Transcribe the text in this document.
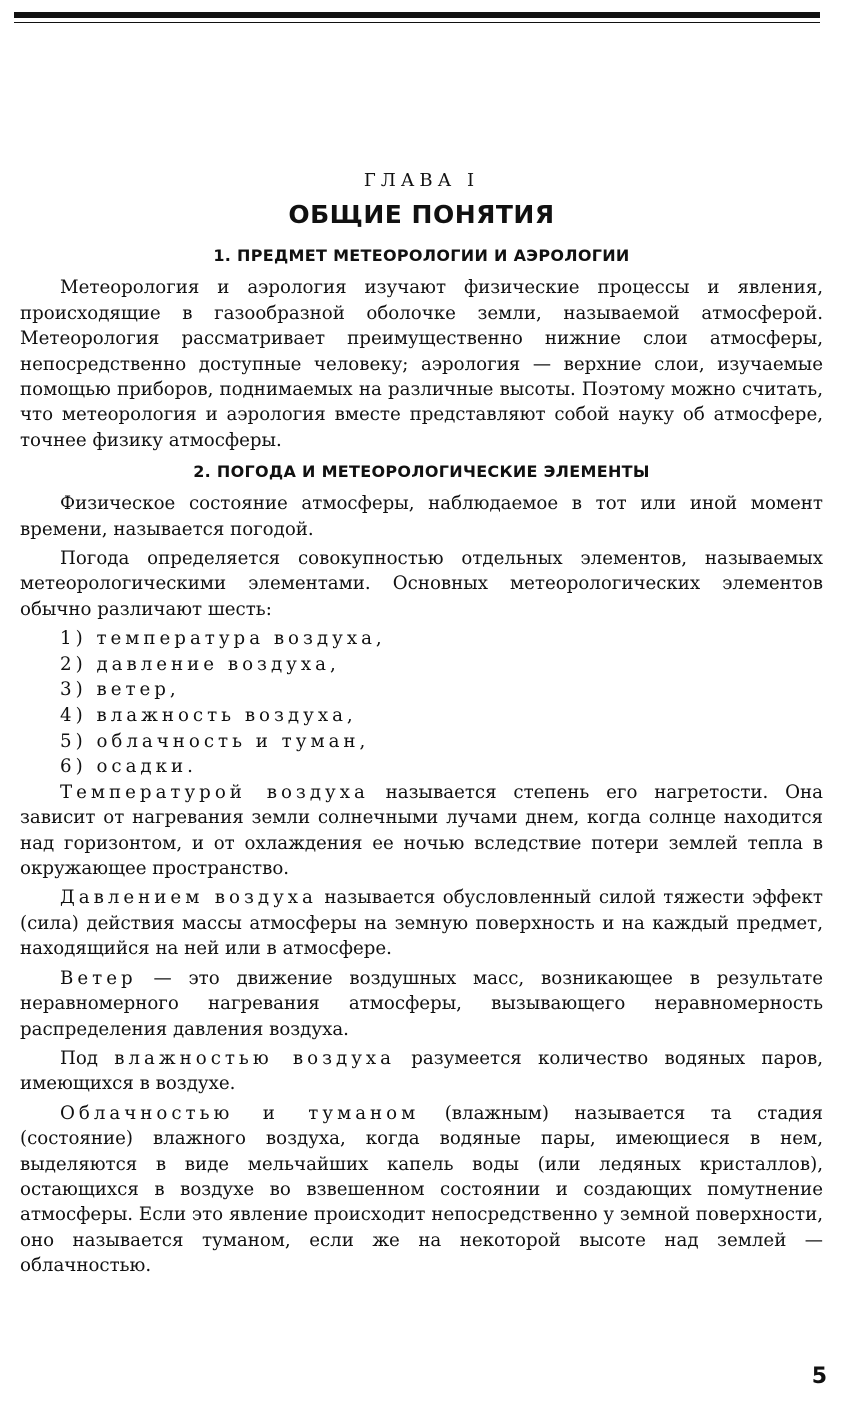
ГЛАВА I
ОБЩИЕ ПОНЯТИЯ
1. ПРЕДМЕТ МЕТЕОРОЛОГИИ И АЭРОЛОГИИ

Метеорология и аэрология изучают физические процессы и явления, происходящие в газообразной оболочке земли, называемой атмосферой. Метеорология рассматривает преимущественно нижние слои атмосферы, непосредственно доступные человеку; аэрология — верхние слои, изучаемые помощью приборов, поднимаемых на различные высоты. Поэтому можно считать, что метеорология и аэрология вместе представляют собой науку об атмосфере, точнее физику атмосферы.

2. ПОГОДА И МЕТЕОРОЛОГИЧЕСКИЕ ЭЛЕМЕНТЫ

Физическое состояние атмосферы, наблюдаемое в тот или иной момент времени, называется погодой.

Погода определяется совокупностью отдельных элементов, называемых метеорологическими элементами. Основных метеорологических элементов обычно различают шесть:

1) температура воздуха,
2) давление воздуха,
3) ветер,
4) влажность воздуха,
5) облачность и туман,
6) осадки.

Температурой воздуха называется степень его нагретости. Она зависит от нагревания земли солнечными лучами днем, когда солнце находится над горизонтом, и от охлаждения ее ночью вследствие потери землей тепла в окружающее пространство.

Давлением воздуха называется обусловленный силой тяжести эффект (сила) действия массы атмосферы на земную поверхность и на каждый предмет, находящийся на ней или в атмосфере.

Ветер — это движение воздушных масс, возникающее в результате неравномерного нагревания атмосферы, вызывающего неравномерность распределения давления воздуха.

Под влажностью воздуха разумеется количество водяных паров, имеющихся в воздухе.

Облачностью и туманом (влажным) называется та стадия (состояние) влажного воздуха, когда водяные пары, имеющиеся в нем, выделяются в виде мельчайших капель воды (или ледяных кристаллов), остающихся в воздухе во взвешенном состоянии и создающих помутнение атмосферы. Если это явление происходит непосредственно у земной поверхности, оно называется туманом, если же на некоторой высоте над землей — облачностью.

5
